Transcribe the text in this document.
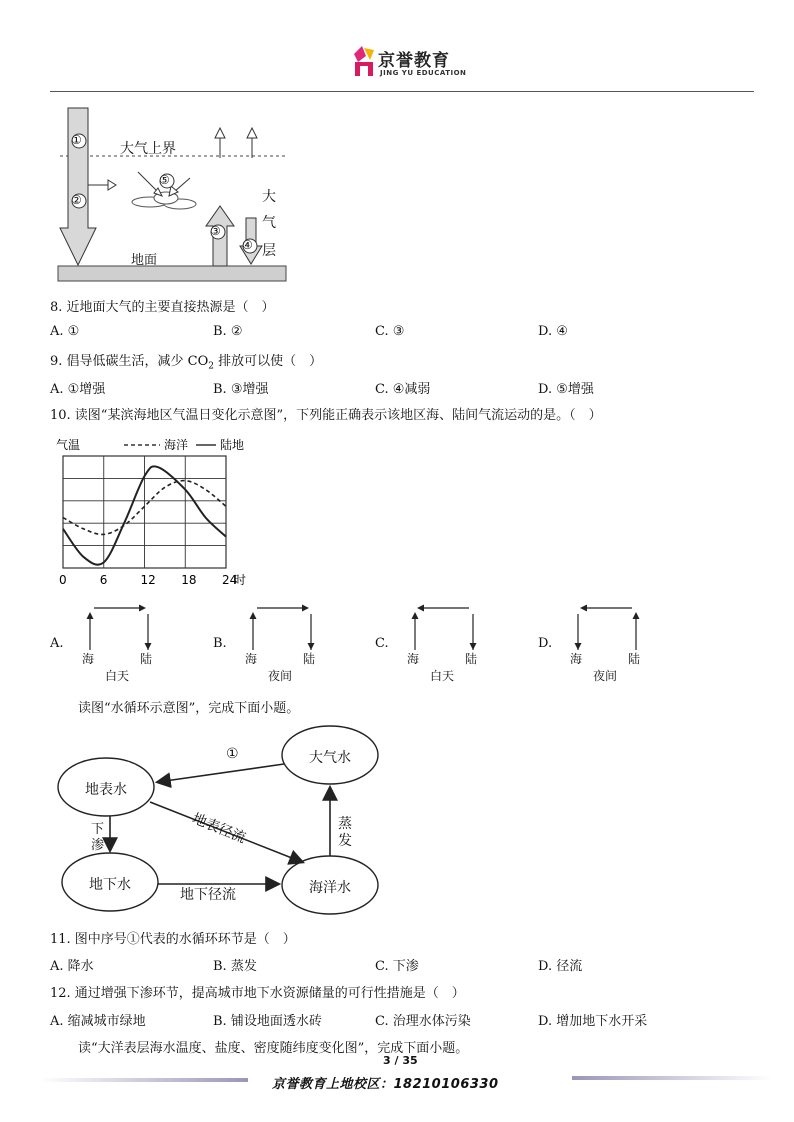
京誉教育
JING YU EDUCATION
①
②
⑤
③
④
大气上界
地面
大
气
层
8. 近地面大气的主要直接热源是（　）
A. ①	B. ②	C. ③	D. ④
9. 倡导低碳生活，减少 $CO_2$ 排放可以使（　）
A. ①增强	B. ③增强	C. ④减弱	D. ⑤增强
10. 读图“某滨海地区气温日变化示意图”，下列能正确表示该地区海、陆间气流运动的是。（　）
气温	海洋	陆地
0	6	12 18 24
时
A.
海	陆
白天
B.
海	陆
夜间
C.
海	陆
白天
D.
海	陆
夜间
读图“水循环示意图”，完成下面小题。
地表水
大气水
地下水	海洋水
①
地表径流
地下径流
下
渗
蒸
发
11. 图中序号①代表的水循环环节是（　）
A. 降水	B. 蒸发	C. 下渗	D. 径流
12. 通过增强下渗环节，提高城市地下水资源储量的可行性措施是（　）
A. 缩减城市绿地	B. 铺设地面透水砖	C. 治理水体污染	D. 增加地下水开采
读“大洋表层海水温度、盐度、密度随纬度变化图”，完成下面小题。
3 / 35
京誉教育上地校区：18210106330
